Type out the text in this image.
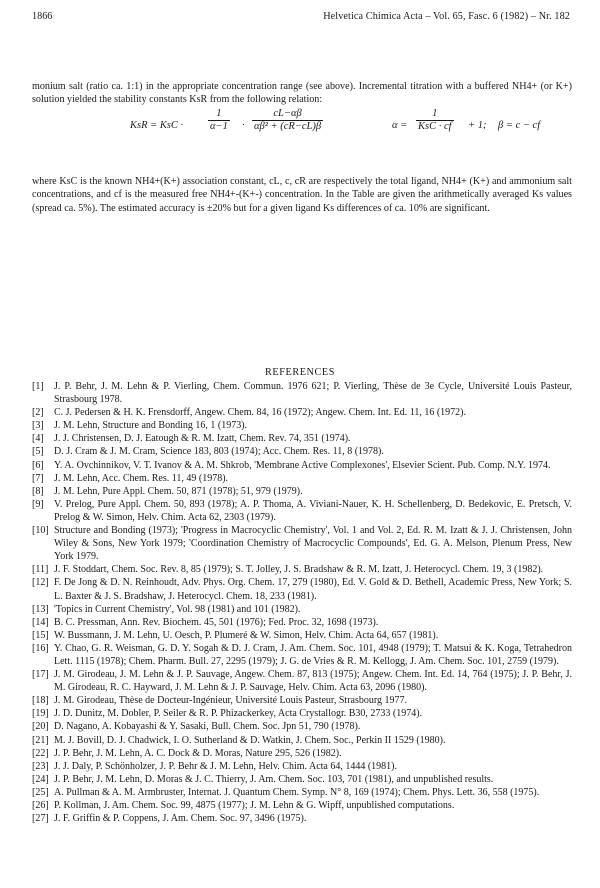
1866	Helvetica Chimica Acta – Vol. 65, Fasc. 6 (1982) – Nr. 182
monium salt (ratio ca. 1:1) in the appropriate concentration range (see above). Incremental titration with a buffered NH4+ (or K+) solution yielded the stability constants KsR from the following relation:
KsR = KsC · $\frac{1}{\alpha-1} \cdot \frac{cL-\alpha\beta}{\text{αβ² + (cR−cL)β}}$	α =
1
KsC · cf + 1; β = c − cf
where KsC is the known NH4+(K+) association constant, cL, c, cR are respectively the total ligand, NH4+ (K+) and ammonium salt concentrations, and cf is the measured free NH4+-(K+-) concentration. In the Table are given the arithmetically averaged Ks values (spread ca. 5%). The estimated accuracy is ±20% but for a given ligand Ks differences of ca. 10% are significant.
REFERENCES
[1]	J. P. Behr, J. M. Lehn & P. Vierling, Chem. Commun. 1976 621; P. Vierling, Thèse de 3e Cycle, Université Louis Pasteur, Strasbourg 1978.
[2]	C. J. Pedersen & H. K. Frensdorff, Angew. Chem. 84, 16 (1972); Angew. Chem. Int. Ed. 11, 16 (1972).
[3]	J. M. Lehn, Structure and Bonding 16, 1 (1973).
[4]	J. J. Christensen, D. J. Eatough & R. M. Izatt, Chem. Rev. 74, 351 (1974).
[5]	D. J. Cram & J. M. Cram, Science 183, 803 (1974); Acc. Chem. Res. 11, 8 (1978).
[6]	Y. A. Ovchinnikov, V. T. Ivanov & A. M. Shkrob, 'Membrane Active Complexones', Elsevier Scient. Pub. Comp. N.Y. 1974.
[7]	J. M. Lehn, Acc. Chem. Res. 11, 49 (1978).
[8]	J. M. Lehn, Pure Appl. Chem. 50, 871 (1978); 51, 979 (1979).
[9]	V. Prelog, Pure Appl. Chem. 50, 893 (1978); A. P. Thoma, A. Viviani-Nauer, K. H. Schellenberg, D. Bedekovic, E. Pretsch, V. Prelog & W. Simon, Helv. Chim. Acta 62, 2303 (1979).
[10] Structure and Bonding (1973); 'Progress in Macrocyclic Chemistry', Vol. 1 and Vol. 2, Ed. R. M. Izatt & J. J. Christensen, John Wiley & Sons, New York 1979; 'Coordination Chemistry of Macrocyclic Compounds', Ed. G. A. Melson, Plenum Press, New York 1979.
[11] J. F. Stoddart, Chem. Soc. Rev. 8, 85 (1979); S. T. Jolley, J. S. Bradshaw & R. M. Izatt, J. Heterocycl. Chem. 19, 3 (1982).
[12] F. De Jong & D. N. Reinhoudt, Adv. Phys. Org. Chem. 17, 279 (1980), Ed. V. Gold & D. Bethell, Academic Press, New York; S. L. Baxter & J. S. Bradshaw, J. Heterocycl. Chem. 18, 233 (1981).
[13] 'Topics in Current Chemistry', Vol. 98 (1981) and 101 (1982).
[14] B. C. Pressman, Ann. Rev. Biochem. 45, 501 (1976); Fed. Proc. 32, 1698 (1973).
[15] W. Bussmann, J. M. Lehn, U. Oesch, P. Plumeré & W. Simon, Helv. Chim. Acta 64, 657 (1981).
[16] Y. Chao, G. R. Weisman, G. D. Y. Sogah & D. J. Cram, J. Am. Chem. Soc. 101, 4948 (1979); T. Matsui & K. Koga, Tetrahedron Lett. 1115 (1978); Chem. Pharm. Bull. 27, 2295 (1979); J. G. de Vries & R. M. Kellogg, J. Am. Chem. Soc. 101, 2759 (1979).
[17] J. M. Girodeau, J. M. Lehn & J. P. Sauvage, Angew. Chem. 87, 813 (1975); Angew. Chem. Int. Ed. 14, 764 (1975); J. P. Behr, J. M. Girodeau, R. C. Hayward, J. M. Lehn & J. P. Sauvage, Helv. Chim. Acta 63, 2096 (1980).
[18] J. M. Girodeau, Thèse de Docteur-Ingénieur, Université Louis Pasteur, Strasbourg 1977.
[19] J. D. Dunitz, M. Dobler, P. Seiler & R. P. Phizackerkey, Acta Crystallogr. B30, 2733 (1974).
[20] D. Nagano, A. Kobayashi & Y. Sasaki, Bull. Chem. Soc. Jpn 51, 790 (1978).
[21] M. J. Bovill, D. J. Chadwick, I. O. Sutherland & D. Watkin, J. Chem. Soc., Perkin II 1529 (1980).
[22] J. P. Behr, J. M. Lehn, A. C. Dock & D. Moras, Nature 295, 526 (1982).
[23] J. J. Daly, P. Schönholzer, J. P. Behr & J. M. Lehn, Helv. Chim. Acta 64, 1444 (1981).
[24] J. P. Behr, J. M. Lehn, D. Moras & J. C. Thierry, J. Am. Chem. Soc. 103, 701 (1981), and unpublished results.
[25] A. Pullman & A. M. Armbruster, Internat. J. Quantum Chem. Symp. N° 8, 169 (1974); Chem. Phys. Lett. 36, 558 (1975).
[26] P. Kollman, J. Am. Chem. Soc. 99, 4875 (1977); J. M. Lehn & G. Wipff, unpublished computations.
[27] J. F. Griffin & P. Coppens, J. Am. Chem. Soc. 97, 3496 (1975).
